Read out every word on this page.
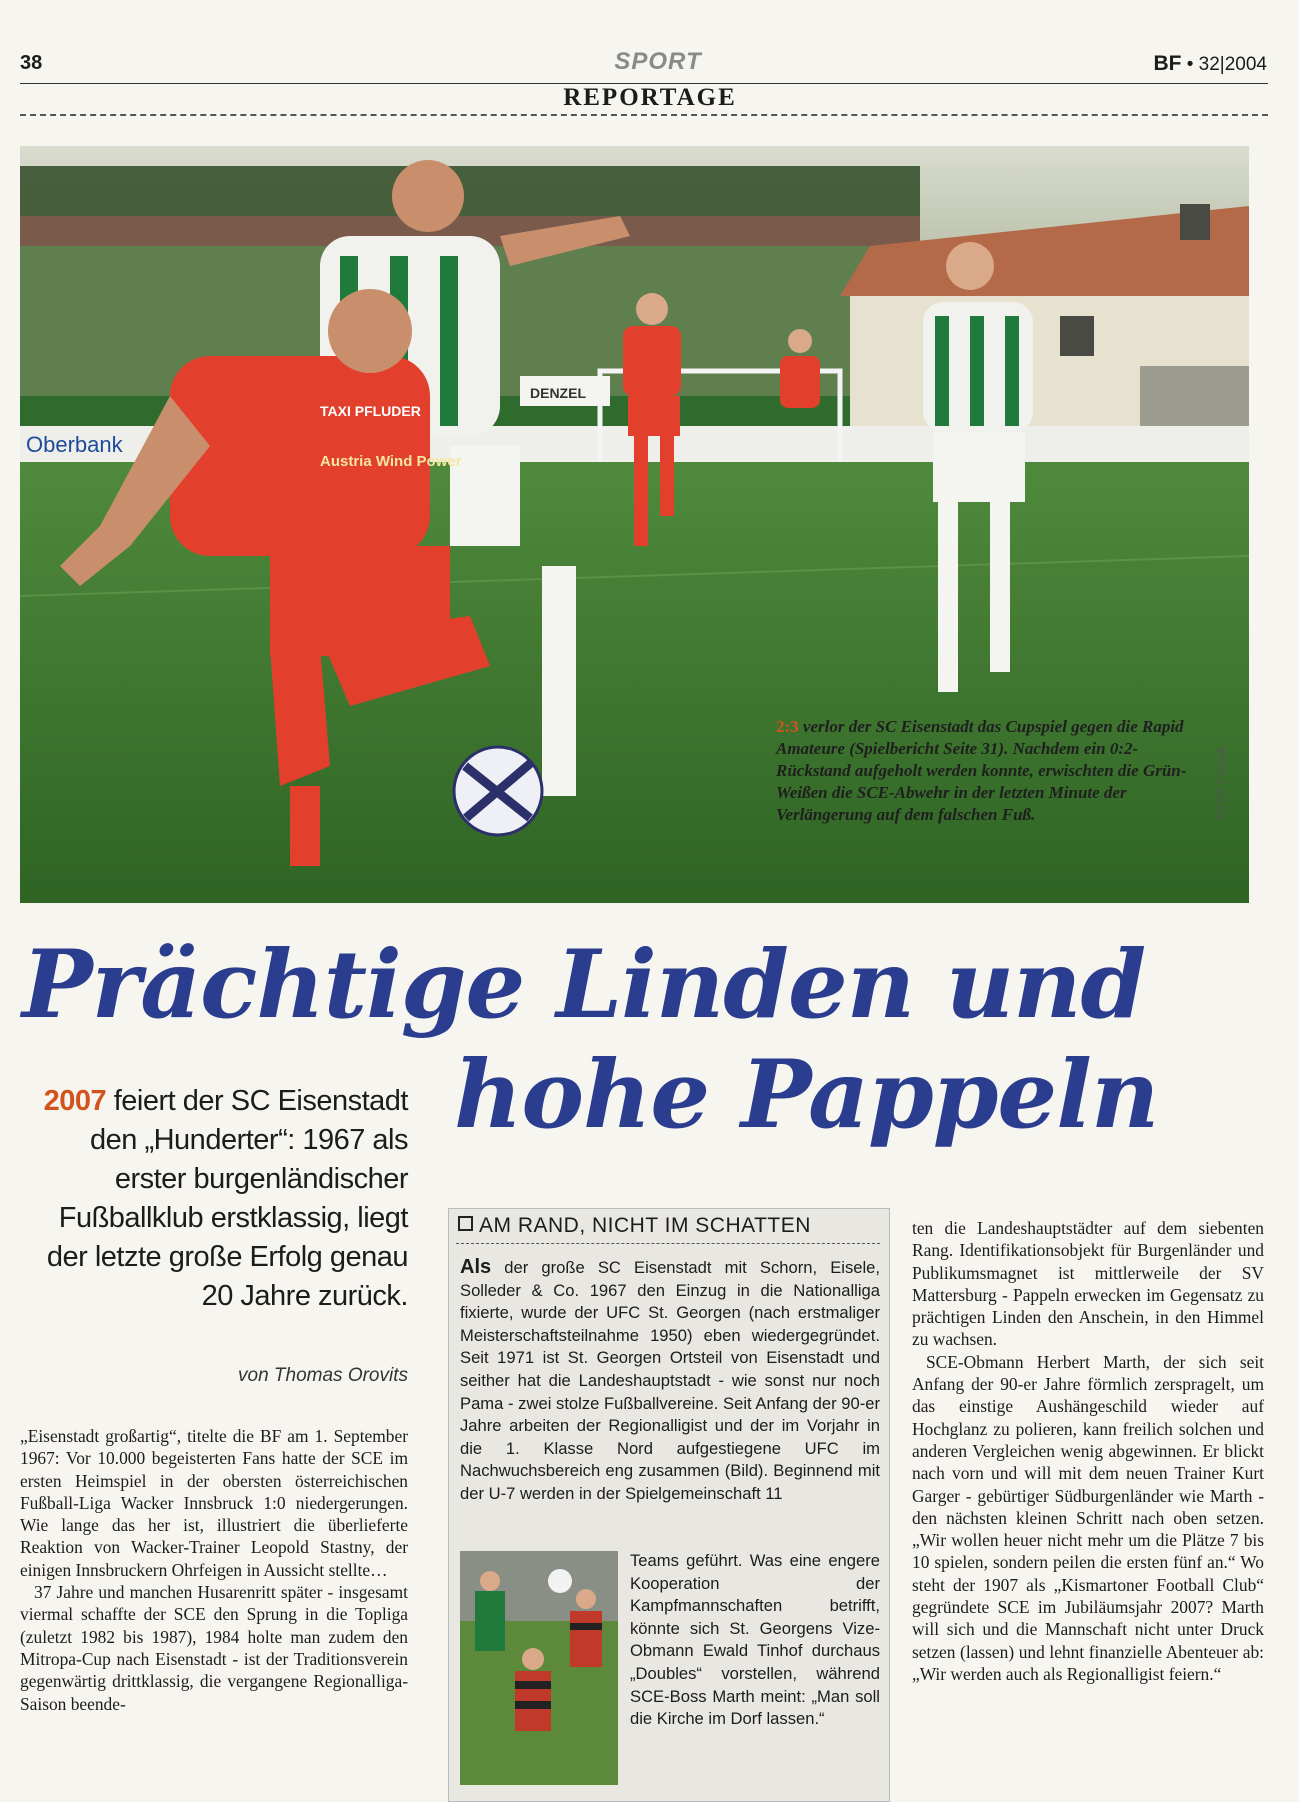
38	SPORT	BF • 32|2004
REPORTAGE
Oberbank
DENZEL
TAXI PFLUDER
Austria Wind Power
2:3 verlor der SC Eisenstadt das Cupspiel gegen die Rapid Amateure (Spielbericht Seite 31). Nachdem ein 0:2-Rückstand aufgeholt werden konnte, erwischten die Grün-Weißen die SCE-Abwehr in der letzten Minute der Verlängerung auf dem falschen Fuß.	FOTO: Fertsak
Prächtige Linden und
hohe Pappeln
2007 feiert der SC Eisenstadt den „Hunderter“: 1967 als erster burgenländischer Fußballklub erstklassig, liegt der letzte große Erfolg genau 20 Jahre zurück.
von Thomas Orovits

„Eisenstadt großartig“, titelte die BF am 1. September 1967: Vor 10.000 begeisterten Fans hatte der SCE im ersten Heimspiel in der obersten österreichischen Fußball-Liga Wacker Innsbruck 1:0 niedergerungen. Wie lange das her ist, illustriert die überlieferte Reaktion von Wacker-Trainer Leopold Stastny, der einigen Innsbruckern Ohrfeigen in Aussicht stellte…

37 Jahre und manchen Husarenritt später - insgesamt viermal schaffte der SCE den Sprung in die Topliga (zuletzt 1982 bis 1987), 1984 holte man zudem den Mitropa-Cup nach Eisenstadt - ist der Traditionsverein gegenwärtig drittklassig, die vergangene Regionalliga-Saison beende-

AM RAND, NICHT IM SCHATTEN
Als der große SC Eisenstadt mit Schorn, Eisele, Solleder & Co. 1967 den Einzug in die Nationalliga fixierte, wurde der UFC St. Georgen (nach erstmaliger Meisterschaftsteilnahme 1950) eben wiedergegründet. Seit 1971 ist St. Georgen Ortsteil von Eisenstadt und seither hat die Landeshauptstadt - wie sonst nur noch Pama - zwei stolze Fußballvereine. Seit Anfang der 90-er Jahre arbeiten der Regionalligist und der im Vorjahr in die 1. Klasse Nord aufgestiegene UFC im Nachwuchsbereich eng zusammen (Bild). Beginnend mit der U-7 werden in der Spielgemeinschaft 11
Teams geführt. Was eine engere Kooperation der Kampfmannschaften betrifft, könnte sich St. Georgens Vize-Obmann Ewald Tinhof durchaus „Doubles“ vorstellen, während SCE-Boss Marth meint: „Man soll die Kirche im Dorf lassen.“

ten die Landeshauptstädter auf dem siebenten Rang. Identifikationsobjekt für Burgenländer und Publikumsmagnet ist mittlerweile der SV Mattersburg - Pappeln erwecken im Gegensatz zu prächtigen Linden den Anschein, in den Himmel zu wachsen.

SCE-Obmann Herbert Marth, der sich seit Anfang der 90-er Jahre förmlich zerspragelt, um das einstige Aushängeschild wieder auf Hochglanz zu polieren, kann freilich solchen und anderen Vergleichen wenig abgewinnen. Er blickt nach vorn und will mit dem neuen Trainer Kurt Garger - gebürtiger Südburgenländer wie Marth - den nächsten kleinen Schritt nach oben setzen. „Wir wollen heuer nicht mehr um die Plätze 7 bis 10 spielen, sondern peilen die ersten fünf an.“ Wo steht der 1907 als „Kismartoner Football Club“ gegründete SCE im Jubiläumsjahr 2007? Marth will sich und die Mannschaft nicht unter Druck setzen (lassen) und lehnt finanzielle Abenteuer ab: „Wir werden auch als Regionalligist feiern.“
